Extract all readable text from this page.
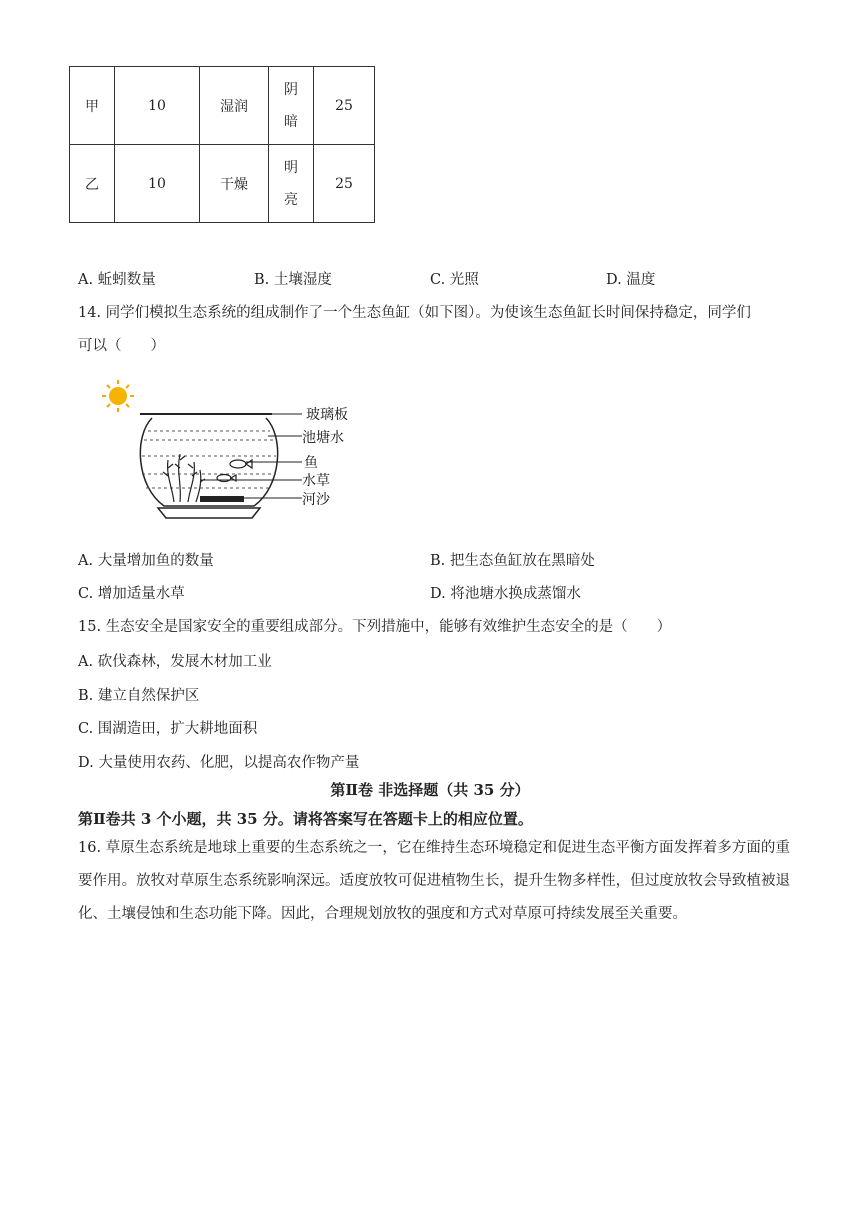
甲	10	湿润	阴暗	25
乙	10	干燥	明亮	25
A. 蚯蚓数量	B. 土壤湿度	C. 光照	D. 温度
14. 同学们模拟生态系统的组成制作了一个生态鱼缸（如下图）。为使该生态鱼缸长时间保持稳定，同学们
可以（　　）
玻璃板
池塘水
鱼
水草
河沙
A. 大量增加鱼的数量	B. 把生态鱼缸放在黑暗处
C. 增加适量水草	D. 将池塘水换成蒸馏水
15. 生态安全是国家安全的重要组成部分。下列措施中，能够有效维护生态安全的是（　　）
A. 砍伐森林，发展木材加工业
B. 建立自然保护区
C. 围湖造田，扩大耕地面积
D. 大量使用农药、化肥，以提高农作物产量
第Ⅱ卷 非选择题（共 35 分）
第Ⅱ卷共 3 个小题，共 35 分。请将答案写在答题卡上的相应位置。
16. 草原生态系统是地球上重要的生态系统之一，它在维持生态环境稳定和促进生态平衡方面发挥着多方面的重要作用。放牧对草原生态系统影响深远。适度放牧可促进植物生长，提升生物多样性，但过度放牧会导致植被退化、土壤侵蚀和生态功能下降。因此，合理规划放牧的强度和方式对草原可持续发展至关重要。
